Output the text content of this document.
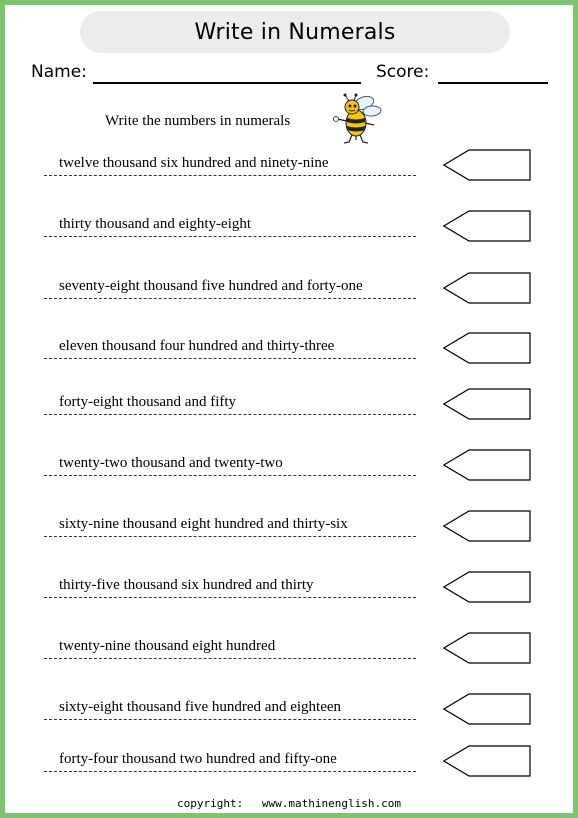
Write in Numerals
Name:	Score:
Write the numbers in numerals
twelve thousand six hundred and ninety-nine
thirty thousand and eighty-eight
seventy-eight thousand five hundred and forty-one
eleven thousand four hundred and thirty-three
forty-eight thousand and fifty
twenty-two thousand and twenty-two
sixty-nine thousand eight hundred and thirty-six
thirty-five thousand six hundred and thirty
twenty-nine thousand eight hundred
sixty-eight thousand five hundred and eighteen
forty-four thousand two hundred and fifty-one
copyright: www.mathinenglish.com
